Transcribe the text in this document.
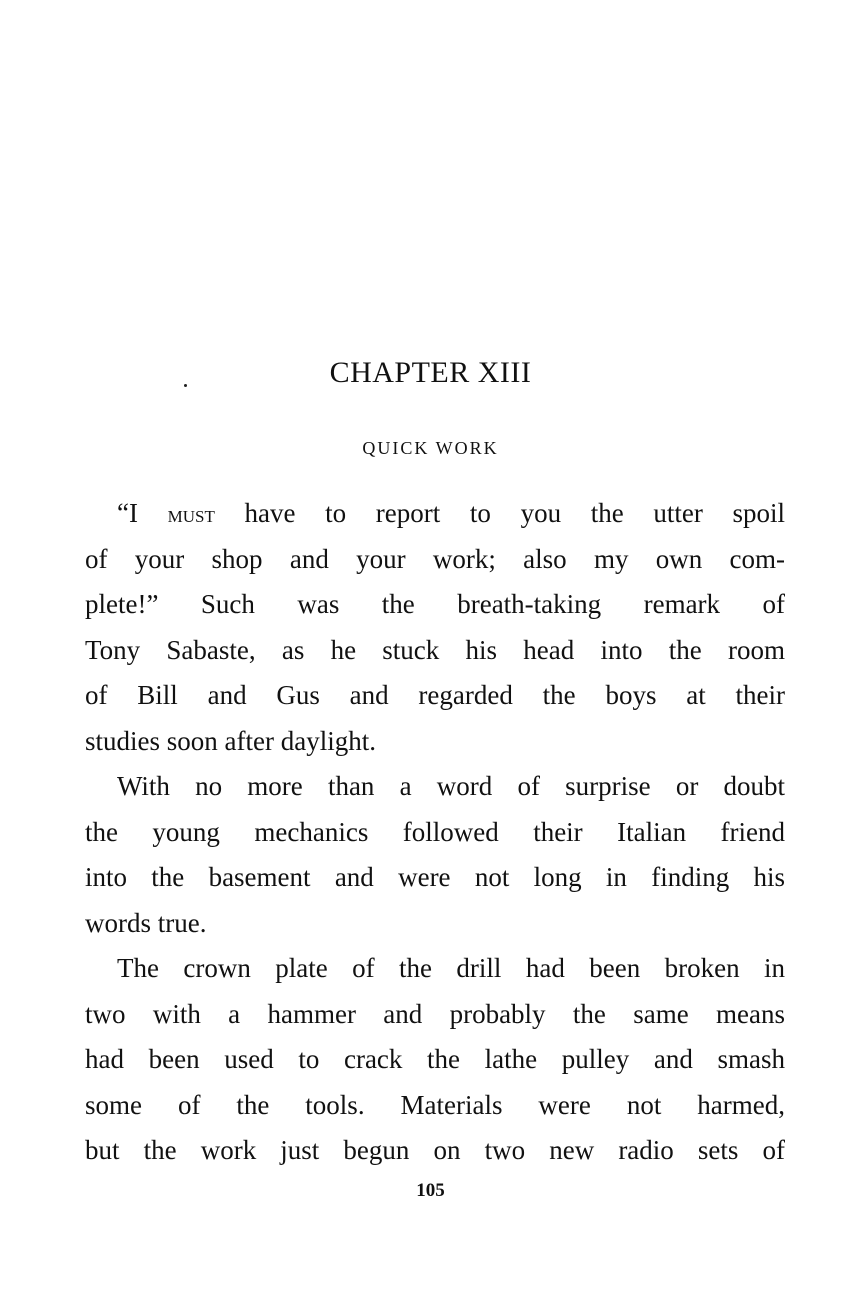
CHAPTER XIII
QUICK WORK

“I must have to report to you the utter spoil
of your shop and your work; also my own com-
plete!” Such was the breath-taking remark of
Tony Sabaste, as he stuck his head into the room
of Bill and Gus and regarded the boys at their
studies soon after daylight.

With no more than a word of surprise or doubt
the young mechanics followed their Italian friend
into the basement and were not long in finding his
words true.

The crown plate of the drill had been broken in
two with a hammer and probably the same means
had been used to crack the lathe pulley and smash
some of the tools. Materials were not harmed,
but the work just begun on two new radio sets of

105
